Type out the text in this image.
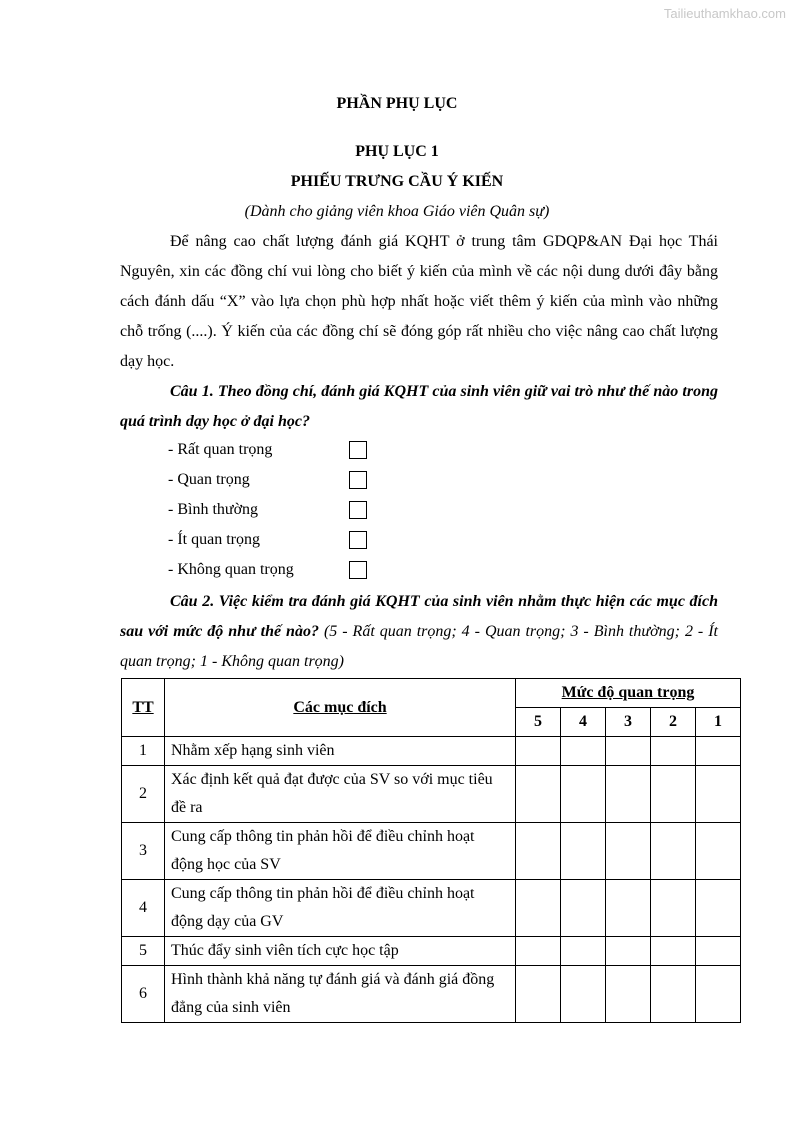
Tailieuthamkhao.com
PHẦN PHỤ LỤC
PHỤ LỤC 1
PHIẾU TRƯNG CẦU Ý KIẾN
(Dành cho giảng viên khoa Giáo viên Quân sự)
Để nâng cao chất lượng đánh giá KQHT ở trung tâm GDQP&AN Đại học Thái Nguyên, xin các đồng chí vui lòng cho biết ý kiến của mình về các nội dung dưới đây bằng cách đánh dấu “X” vào lựa chọn phù hợp nhất hoặc viết thêm ý kiến của mình vào những chỗ trống (....). Ý kiến của các đồng chí sẽ đóng góp rất nhiều cho việc nâng cao chất lượng dạy học.
Câu 1. Theo đồng chí, đánh giá KQHT của sinh viên giữ vai trò như thế nào trong quá trình dạy học ở đại học?
- Rất quan trọng
- Quan trọng
- Bình thường
- Ít quan trọng
- Không quan trọng
Câu 2. Việc kiểm tra đánh giá KQHT của sinh viên nhằm thực hiện các mục đích sau với mức độ như thế nào? (5 - Rất quan trọng; 4 - Quan trọng; 3 - Bình thường; 2 - Ít quan trọng; 1 - Không quan trọng)
TT	Các mục đích	Mức độ quan trọng				
		5	4	3	2	1
1	Nhằm xếp hạng sinh viên					
2	Xác định kết quả đạt được của SV so với mục tiêu đề ra					
3	Cung cấp thông tin phản hồi để điều chỉnh hoạt động học của SV					
4	Cung cấp thông tin phản hồi để điều chỉnh hoạt động dạy của GV					
5	Thúc đẩy sinh viên tích cực học tập					
6	Hình thành khả năng tự đánh giá và đánh giá đồng đẳng của sinh viên					
